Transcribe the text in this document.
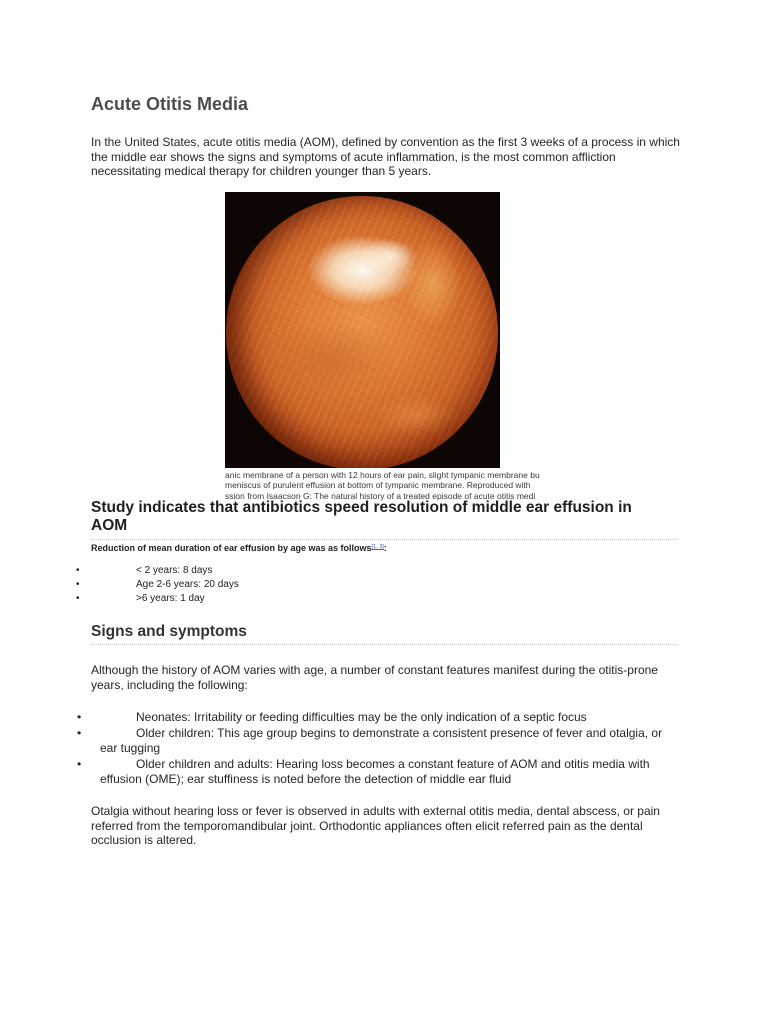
Acute Otitis Media
In the United States, acute otitis media (AOM), defined by convention as the first 3 weeks of a process in which
the middle ear shows the signs and symptoms of acute inflammation, is the most common affliction
necessitating medical therapy for children younger than 5 years.
anic membrane of a person with 12 hours of ear pain, slight tympanic membrane bu
meniscus of purulent effusion at bottom of tympanic membrane. Reproduced with
ssion from Isaacson G: The natural history of a treated episode of acute otitis medi
Study indicates that antibiotics speed resolution of middle ear effusion in
AOM

Reduction of mean duration of ear effusion by age was as follows[1, 3]:

•	< 2 years: 8 days
•	Age 2-6 years: 20 days
•	>6 years: 1 day
Signs and symptoms
Although the history of AOM varies with age, a number of constant features manifest during the otitis-prone
years, including the following:
•	Neonates: Irritability or feeding difficulties may be the only indication of a septic focus
•	Older children: This age group begins to demonstrate a consistent presence of fever and otalgia, or
ear tugging
•	Older children and adults: Hearing loss becomes a constant feature of AOM and otitis media with
effusion (OME); ear stuffiness is noted before the detection of middle ear fluid
Otalgia without hearing loss or fever is observed in adults with external otitis media, dental abscess, or pain
referred from the temporomandibular joint. Orthodontic appliances often elicit referred pain as the dental
occlusion is altered.
